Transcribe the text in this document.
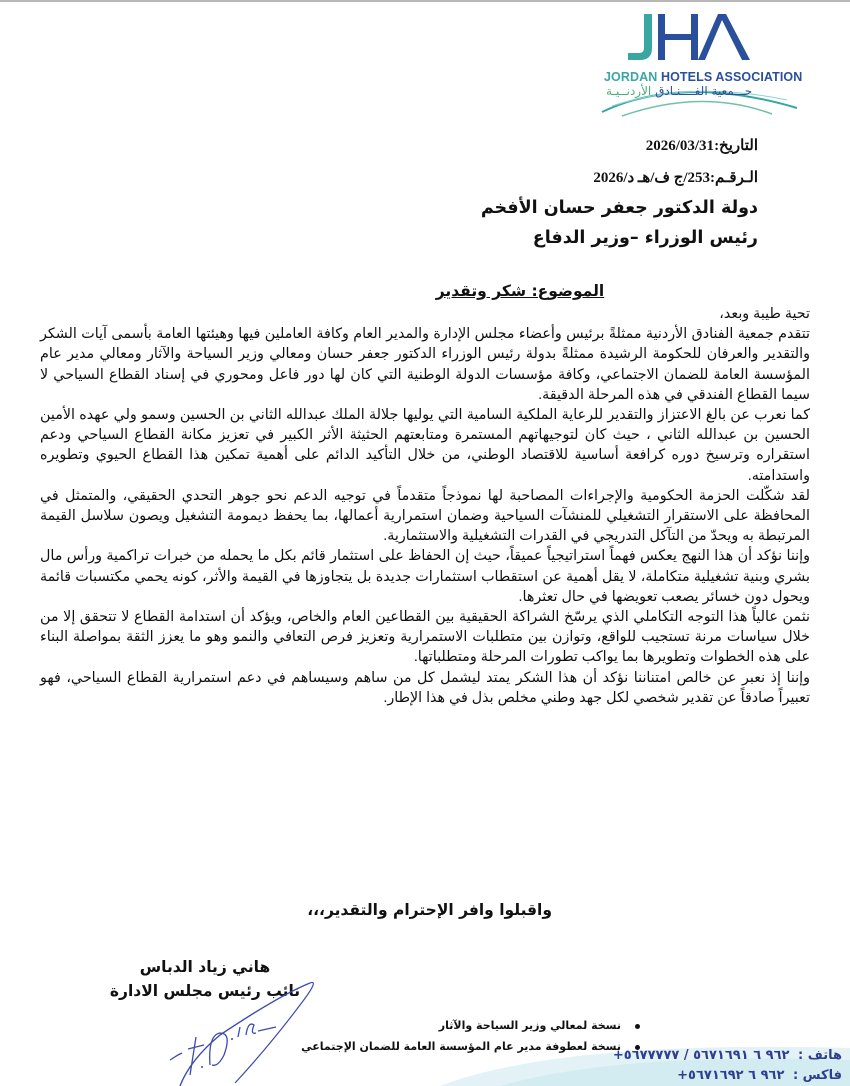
JORDAN HOTELS ASSOCIATION
جـــمعية الفــــنـادق الأردنــيـة
التاريخ:2026/03/31
الـرقـم:253/ج ف/هـ د/2026
دولة الدكتور جعفر حسان الأفخم
رئيس الوزراء –وزير الدفاع
الموضوع: شكر وتقدير

تحية طيبة وبعد،

تتقدم جمعية الفنادق الأردنية ممثلةً برئيس وأعضاء مجلس الإدارة والمدير العام وكافة العاملين فيها وهيئتها العامة بأسمى آيات الشكر والتقدير والعرفان للحكومة الرشيدة ممثلةً بدولة رئيس الوزراء الدكتور جعفر حسان ومعالي وزير السياحة والآثار ومعالي مدير عام المؤسسة العامة للضمان الاجتماعي، وكافة مؤسسات الدولة الوطنية التي كان لها دور فاعل ومحوري في إسناد القطاع السياحي لا سيما القطاع الفندقي في هذه المرحلة الدقيقة.

كما نعرب عن بالغ الاعتزاز والتقدير للرعاية الملكية السامية التي يوليها جلالة الملك عبدالله الثاني بن الحسين وسمو ولي عهده الأمين الحسين بن عبدالله الثاني ، حيث كان لتوجيهاتهم المستمرة ومتابعتهم الحثيثة الأثر الكبير في تعزيز مكانة القطاع السياحي ودعم استقراره وترسيخ دوره كرافعة أساسية للاقتصاد الوطني، من خلال التأكيد الدائم على أهمية تمكين هذا القطاع الحيوي وتطويره واستدامته.

لقد شكّلت الحزمة الحكومية والإجراءات المصاحبة لها نموذجاً متقدماً في توجيه الدعم نحو جوهر التحدي الحقيقي، والمتمثل في المحافظة على الاستقرار التشغيلي للمنشآت السياحية وضمان استمرارية أعمالها، بما يحفظ ديمومة التشغيل ويصون سلاسل القيمة المرتبطة به ويحدّ من التآكل التدريجي في القدرات التشغيلية والاستثمارية.

وإننا نؤكد أن هذا النهج يعكس فهماً استراتيجياً عميقاً، حيث إن الحفاظ على استثمار قائم بكل ما يحمله من خبرات تراكمية ورأس مال بشري وبنية تشغيلية متكاملة، لا يقل أهمية عن استقطاب استثمارات جديدة بل يتجاوزها في القيمة والأثر، كونه يحمي مكتسبات قائمة ويحول دون خسائر يصعب تعويضها في حال تعثرها.

نثمن عالياً هذا التوجه التكاملي الذي يرسّخ الشراكة الحقيقية بين القطاعين العام والخاص، ويؤكد أن استدامة القطاع لا تتحقق إلا من خلال سياسات مرنة تستجيب للواقع، وتوازن بين متطلبات الاستمرارية وتعزيز فرص التعافي والنمو وهو ما يعزز الثقة بمواصلة البناء على هذه الخطوات وتطويرها بما يواكب تطورات المرحلة ومتطلباتها.

وإننا إذ نعبر عن خالص امتناننا نؤكد أن هذا الشكر يمتد ليشمل كل من ساهم وسيساهم في دعم استمرارية القطاع السياحي، فهو تعبيراً صادقاً عن تقدير شخصي لكل جهد وطني مخلص بذل في هذا الإطار.

واقبلوا وافر الإحترام والتقدير،،،
هاني زياد الدباس
نائب رئيس مجلس الادارة
نسخة لمعالي وزير السياحة والآثار
نسخة لعطوفة مدير عام المؤسسة العامة للضمان الإجتماعي
هاتف : +٩٦٢ ٦ ٥٦٧١٦٩١ / ٥٦٧٧٧٧٧
فاكس : +٩٦٢ ٦ ٥٦٧١٦٩٢
